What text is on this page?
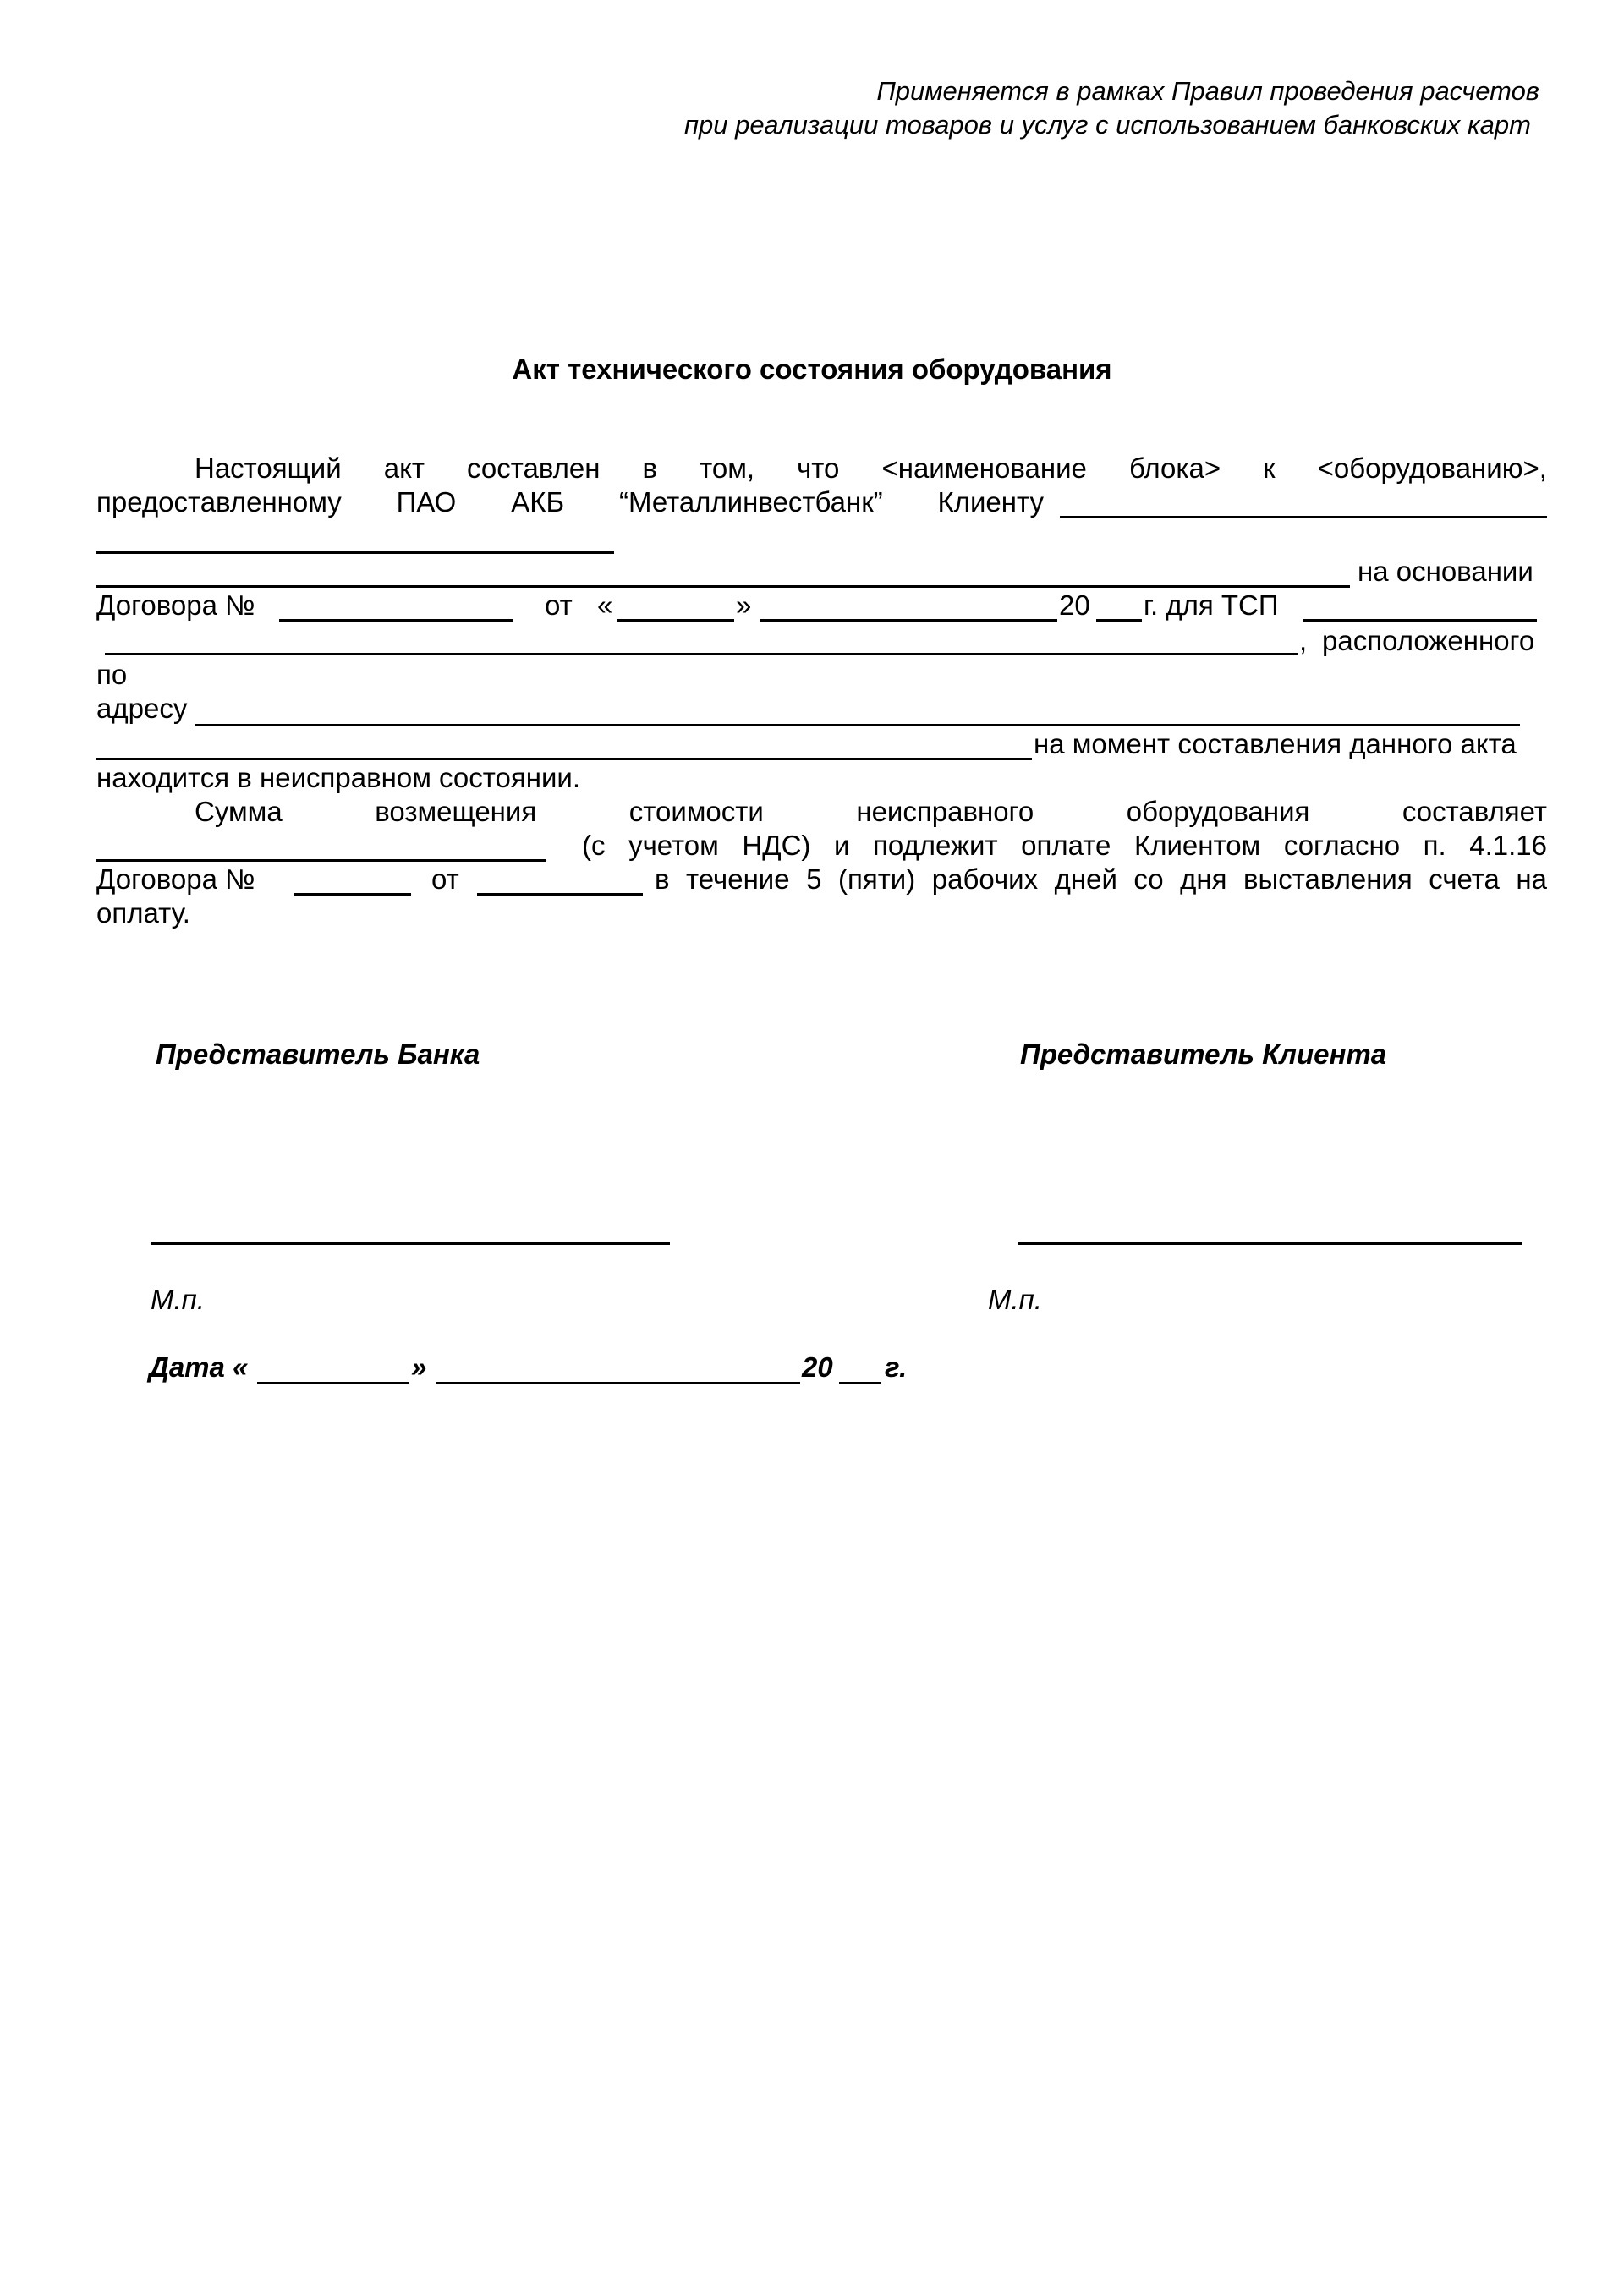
Применяется в рамках Правил проведения расчетов
при реализации товаров и услуг с использованием банковских карт
Акт технического состояния оборудования
Настоящий акт составлен в том, что <наименование блока> к <оборудованию>,
предоставленному ПАО АКБ “Металлинвестбанк” Клиенту
на основании
Договора №	от «	»	20 г. для ТСП
, расположенного
по
адресу
на момент составления данного акта
находится в неисправном состоянии.
Сумма	возмещения	стоимости	неисправного	оборудования	составляет
(с учетом НДС) и подлежит оплате Клиентом согласно п. 4.1.16
Договора №	от	в течение 5 (пяти) рабочих дней со дня выставления счета на
оплату.
Представитель Банка	Представитель Клиента
М.п.	М.п.
Дата «	»	20 г.
